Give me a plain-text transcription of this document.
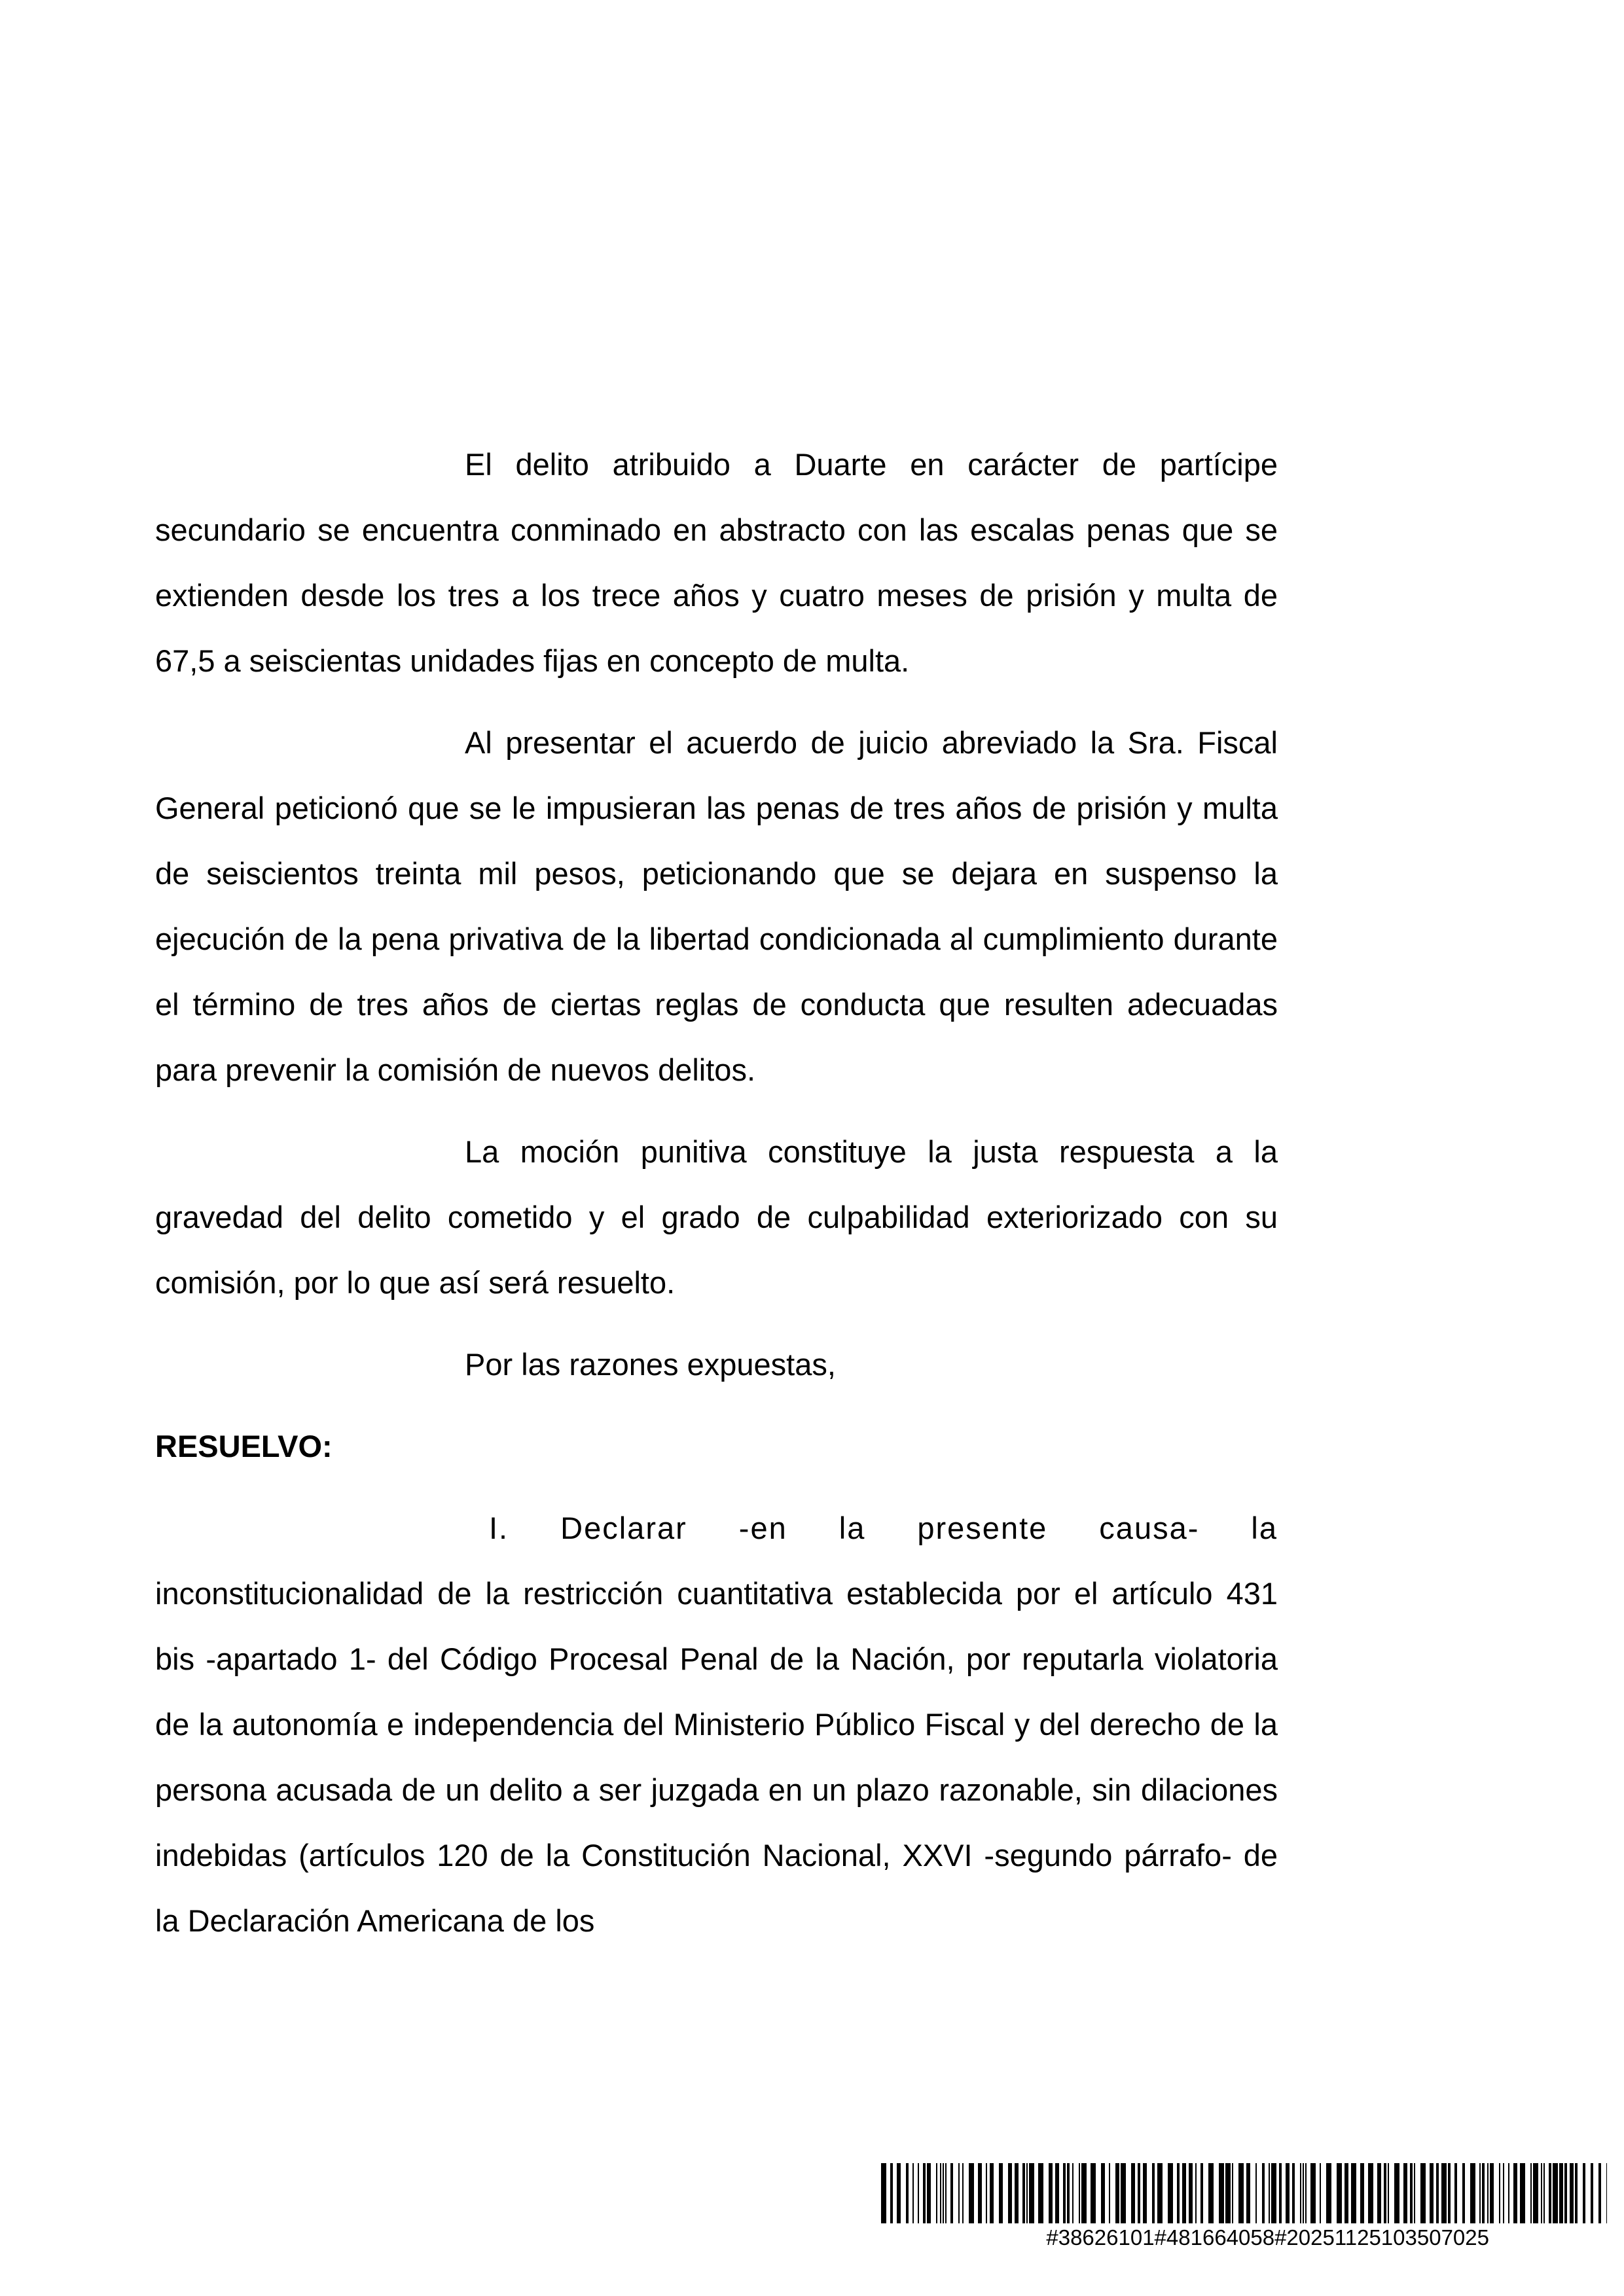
El delito atribuido a Duarte en carácter de partícipe secundario se encuentra conminado en abstracto con las escalas penas que se extienden desde los tres a los trece años y cuatro meses de prisión y multa de 67,5 a seiscientas unidades fijas en concepto de multa.

Al presentar el acuerdo de juicio abreviado la Sra. Fiscal General peticionó que se le impusieran las penas de tres años de prisión y multa de seiscientos treinta mil pesos, peticionando que se dejara en suspenso la ejecución de la pena privativa de la libertad condicionada al cumplimiento durante el término de tres años de ciertas reglas de conducta que resulten adecuadas para prevenir la comisión de nuevos delitos.

La moción punitiva constituye la justa respuesta a la gravedad del delito cometido y el grado de culpabilidad exteriorizado con su comisión, por lo que así será resuelto.

Por las razones expuestas,

RESUELVO:

I. Declarar -en la presente causa- la inconstitucionalidad de la restricción cuantitativa establecida por el artículo 431 bis -apartado 1- del Código Procesal Penal de la Nación, por reputarla violatoria de la autonomía e independencia del Ministerio Público Fiscal y del derecho de la persona acusada de un delito a ser juzgada en un plazo razonable, sin dilaciones indebidas (artículos 120 de la Constitución Nacional, XXVI -segundo párrafo- de la Declaración Americana de los

#38626101#481664058#20251125103507025
